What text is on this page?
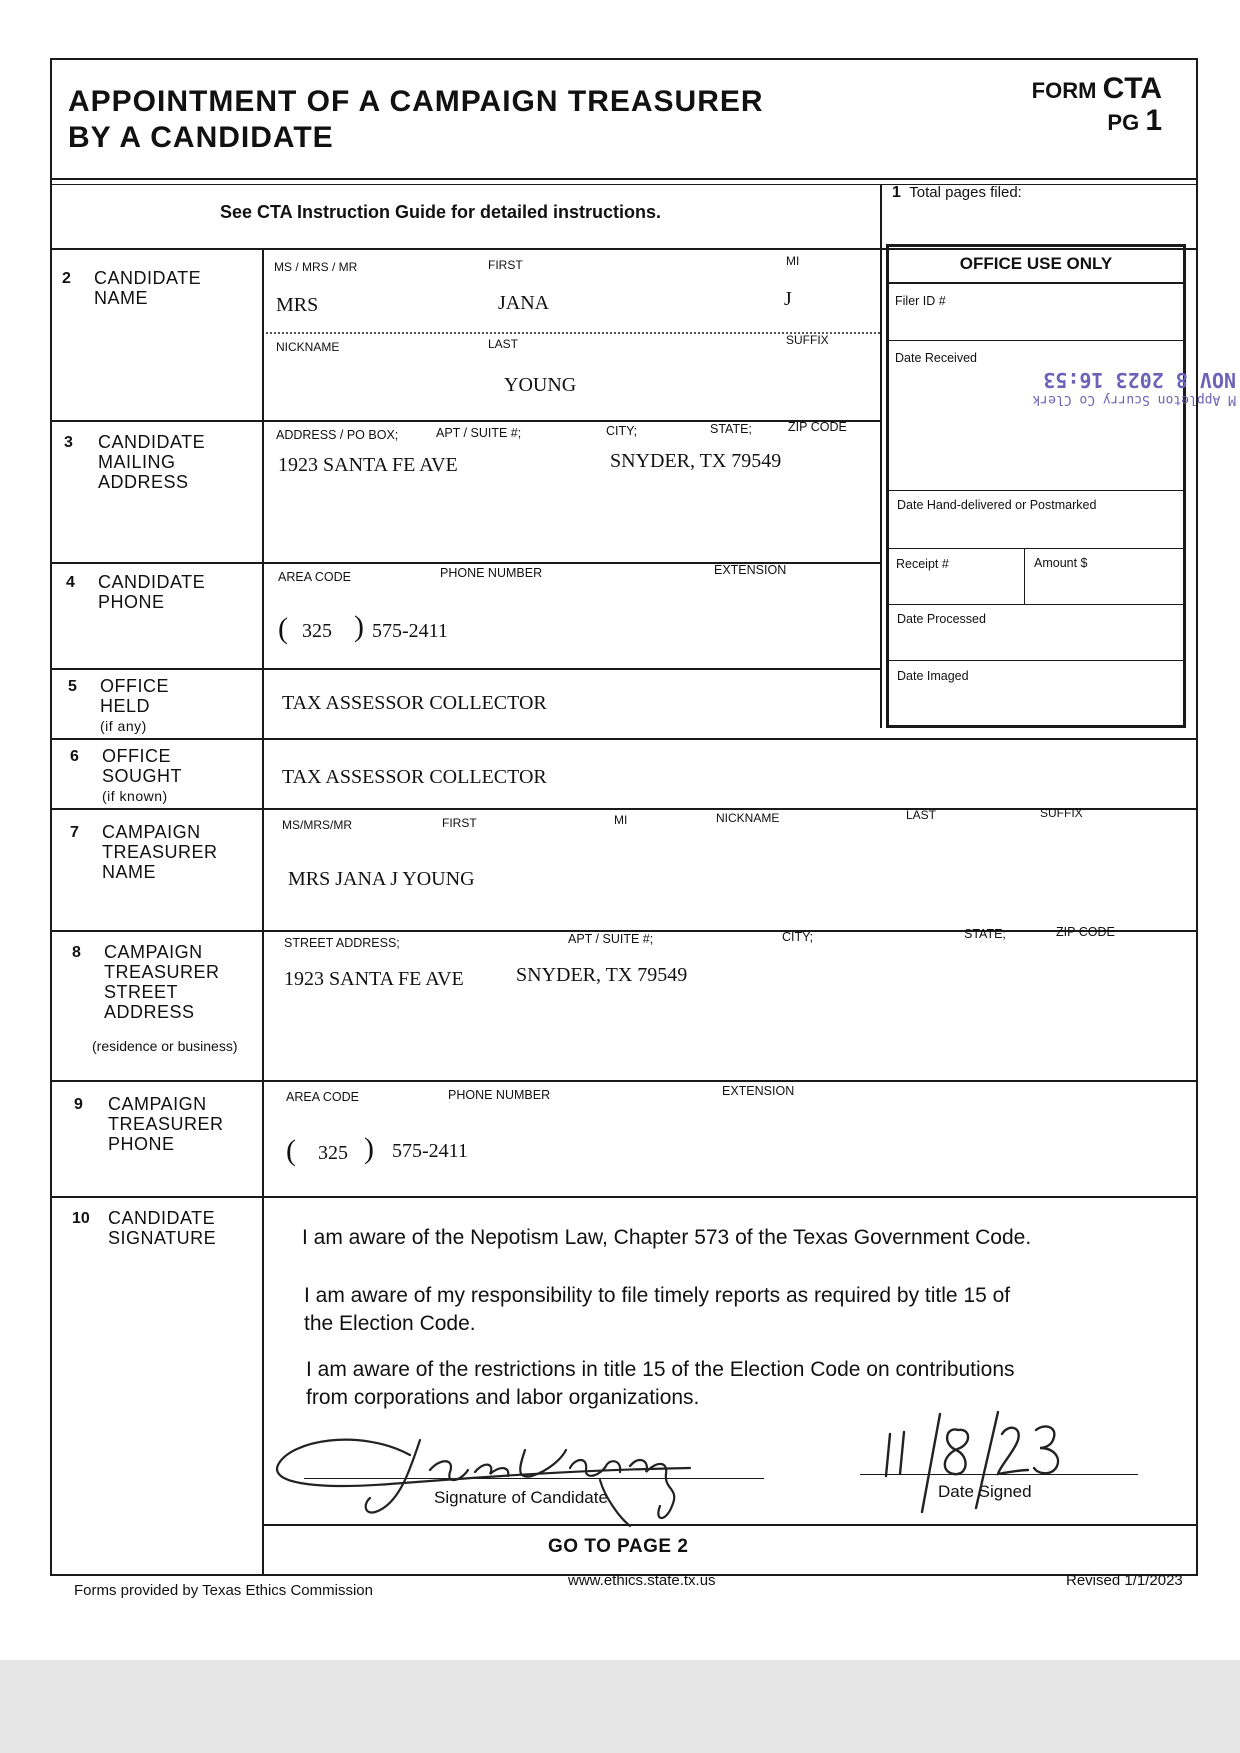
APPOINTMENT OF A CAMPAIGN TREASURER
BY A CANDIDATE
FORM CTA
PG 1
See CTA Instruction Guide for detailed instructions.
1 Total pages filed:
OFFICE USE ONLY
Filer ID #
Date Received
M Appleton Scurry Co Clerk
NOV 8 2023 16:53
Date Hand-delivered or Postmarked
Receipt #	Amount $
Date Processed
Date Imaged
2 CANDIDATE
NAME
MS / MRS / MR	FIRST	MI
MRS	JANA	J
NICKNAME	LAST	SUFFIX
YOUNG
3 CANDIDATE
MAILING
ADDRESS
ADDRESS / PO BOX;	APT / SUITE #;	CITY;	STATE;	ZIP CODE
1923 SANTA FE AVE	SNYDER, TX 79549
4 CANDIDATE
PHONE
AREA CODE	PHONE NUMBER	EXTENSION
( 325 ) 575-2411
5 OFFICE
HELD
(if any)
TAX ASSESSOR COLLECTOR
6 OFFICE
SOUGHT
(if known)
TAX ASSESSOR COLLECTOR
7 CAMPAIGN
TREASURER
NAME
MS/MRS/MR	FIRST	MI	NICKNAME	LAST	SUFFIX
MRS JANA J YOUNG
8 CAMPAIGN
TREASURER
STREET
ADDRESS
(residence or business)
STREET ADDRESS;	APT / SUITE #;	CITY;	STATE;	ZIP CODE
1923 SANTA FE AVE	SNYDER, TX 79549
9 CAMPAIGN
TREASURER
PHONE
AREA CODE	PHONE NUMBER	EXTENSION
( 325 ) 575-2411
10 CANDIDATE
SIGNATURE	I am aware of the Nepotism Law, Chapter 573 of the Texas Government Code.
I am aware of my responsibility to file timely reports as required by title 15 of
the Election Code.
I am aware of the restrictions in title 15 of the Election Code on contributions
from corporations and labor organizations.
Signature of Candidate	Date Signed
Jana Young
11/8/23
GO TO PAGE 2
Forms provided by Texas Ethics Commission
www.ethics.state.tx.us	Revised 1/1/2023
